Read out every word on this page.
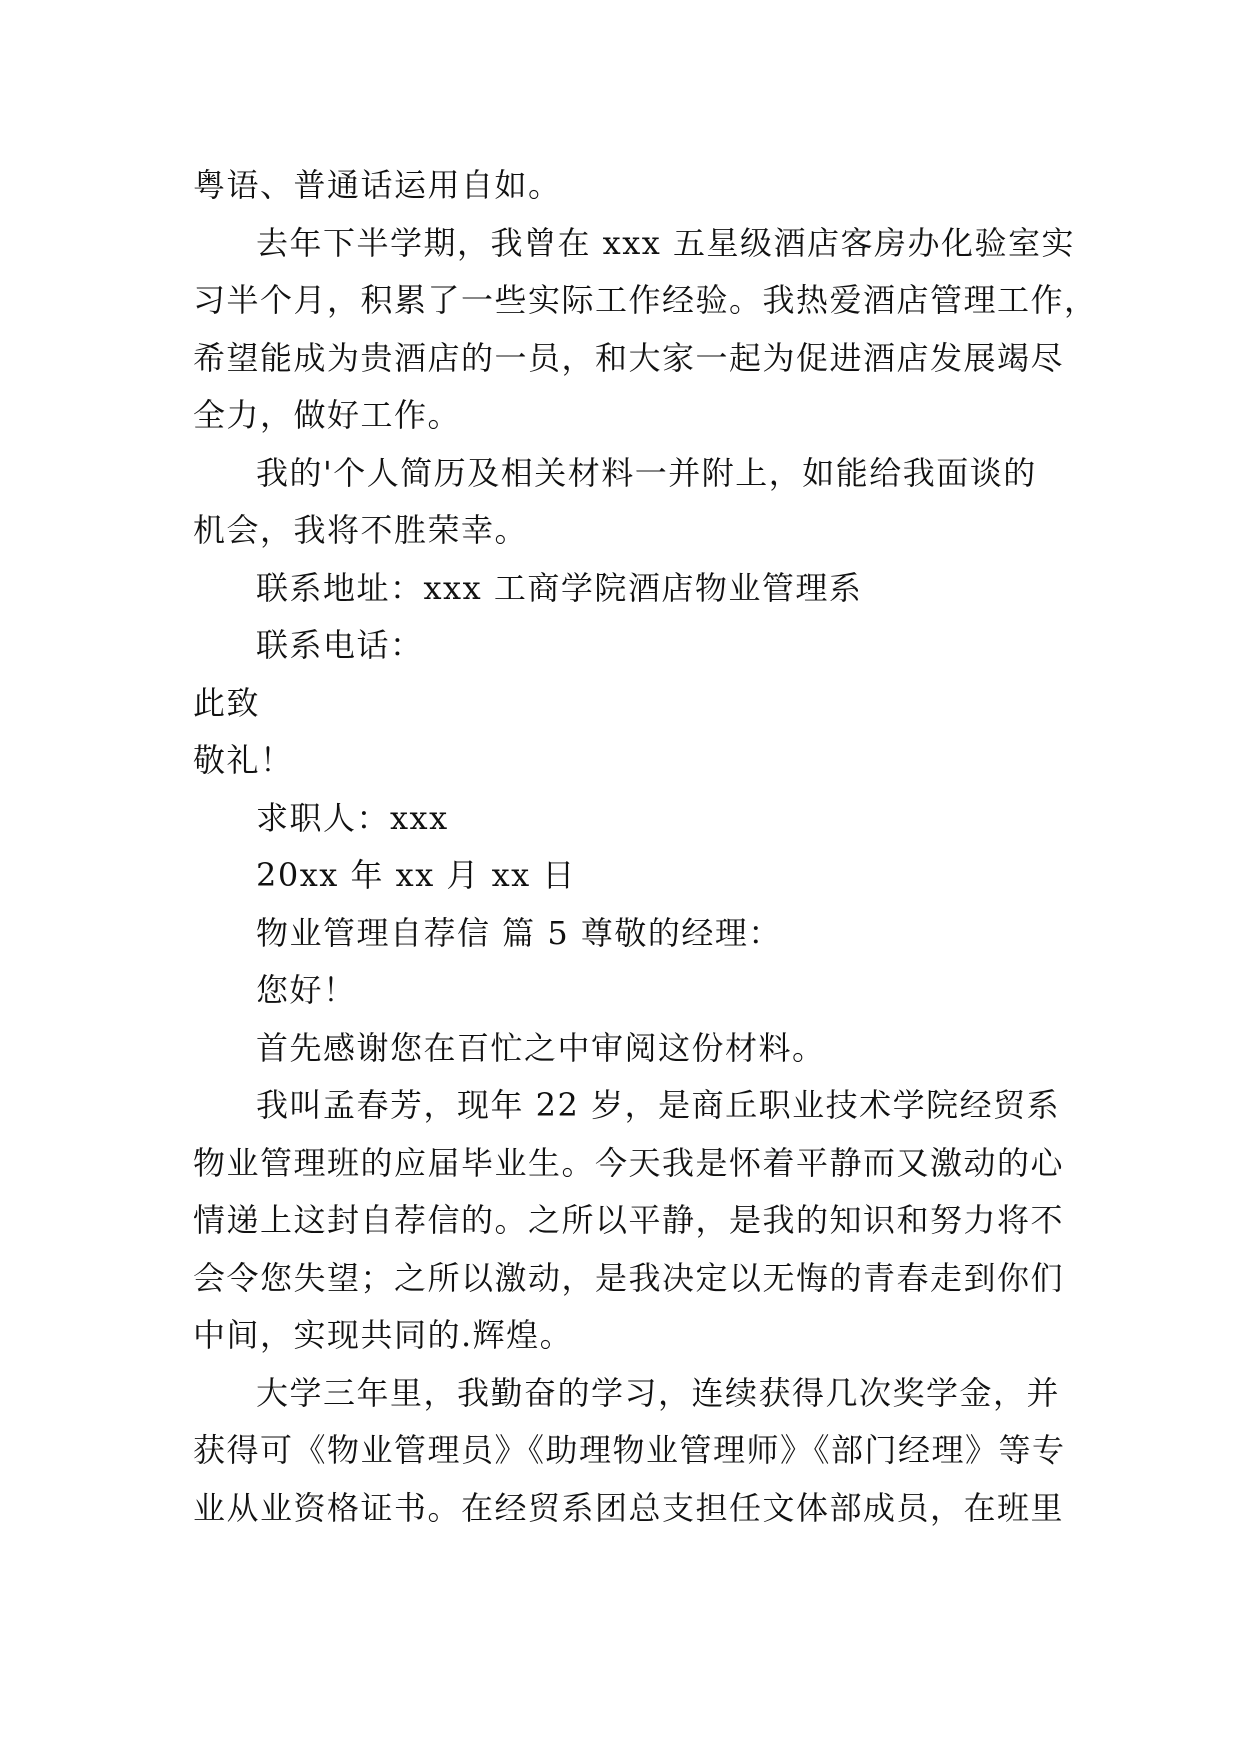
粤语、普通话运用自如。
去年下半学期，我曾在 xxx 五星级酒店客房办化验室实
习半个月，积累了一些实际工作经验。我热爱酒店管理工作，
希望能成为贵酒店的一员，和大家一起为促进酒店发展竭尽
全力，做好工作。
我的'个人简历及相关材料一并附上，如能给我面谈的
机会，我将不胜荣幸。
联系地址：xxx 工商学院酒店物业管理系
联系电话：
此致
敬礼！
求职人：xxx
20xx 年 xx 月 xx 日
物业管理自荐信 篇 5 尊敬的经理：
您好！
首先感谢您在百忙之中审阅这份材料。
我叫孟春芳，现年 22 岁，是商丘职业技术学院经贸系
物业管理班的应届毕业生。今天我是怀着平静而又激动的心
情递上这封自荐信的。之所以平静，是我的知识和努力将不
会令您失望；之所以激动，是我决定以无悔的青春走到你们
中间，实现共同的.辉煌。
大学三年里，我勤奋的学习，连续获得几次奖学金，并
获得可《物业管理员》《助理物业管理师》《部门经理》等专
业从业资格证书。在经贸系团总支担任文体部成员，在班里
